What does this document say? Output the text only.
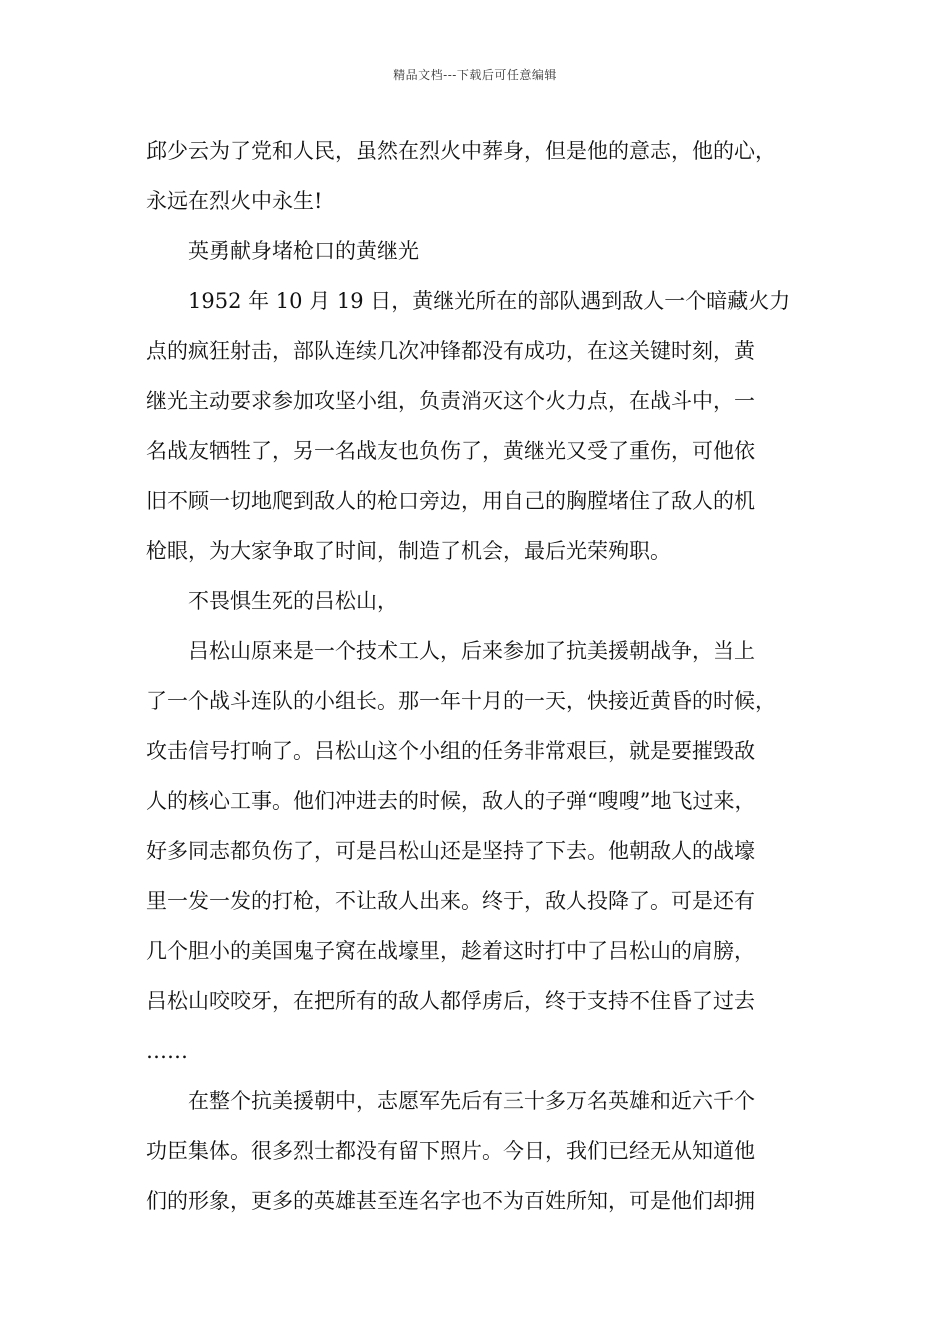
精品文档---下载后可任意编辑
邱少云为了党和人民，虽然在烈火中葬身，但是他的意志，他的心，
永远在烈火中永生!
英勇献身堵枪口的黄继光
1952 年 10 月 19 日，黄继光所在的部队遇到敌人一个暗藏火力
点的疯狂射击，部队连续几次冲锋都没有成功，在这关键时刻，黄
继光主动要求参加攻坚小组，负责消灭这个火力点，在战斗中，一
名战友牺牲了，另一名战友也负伤了，黄继光又受了重伤，可他依
旧不顾一切地爬到敌人的枪口旁边，用自己的胸膛堵住了敌人的机
枪眼，为大家争取了时间，制造了机会，最后光荣殉职。
不畏惧生死的吕松山，
吕松山原来是一个技术工人，后来参加了抗美援朝战争，当上
了一个战斗连队的小组长。那一年十月的一天，快接近黄昏的时候，
攻击信号打响了。吕松山这个小组的任务非常艰巨，就是要摧毁敌
人的核心工事。他们冲进去的时候，敌人的子弹“嗖嗖”地飞过来，
好多同志都负伤了，可是吕松山还是坚持了下去。他朝敌人的战壕
里一发一发的打枪，不让敌人出来。终于，敌人投降了。可是还有
几个胆小的美国鬼子窝在战壕里，趁着这时打中了吕松山的肩膀，
吕松山咬咬牙，在把所有的敌人都俘虏后，终于支持不住昏了过去
……
在整个抗美援朝中，志愿军先后有三十多万名英雄和近六千个
功臣集体。很多烈士都没有留下照片。今日，我们已经无从知道他
们的形象，更多的英雄甚至连名字也不为百姓所知，可是他们却拥
